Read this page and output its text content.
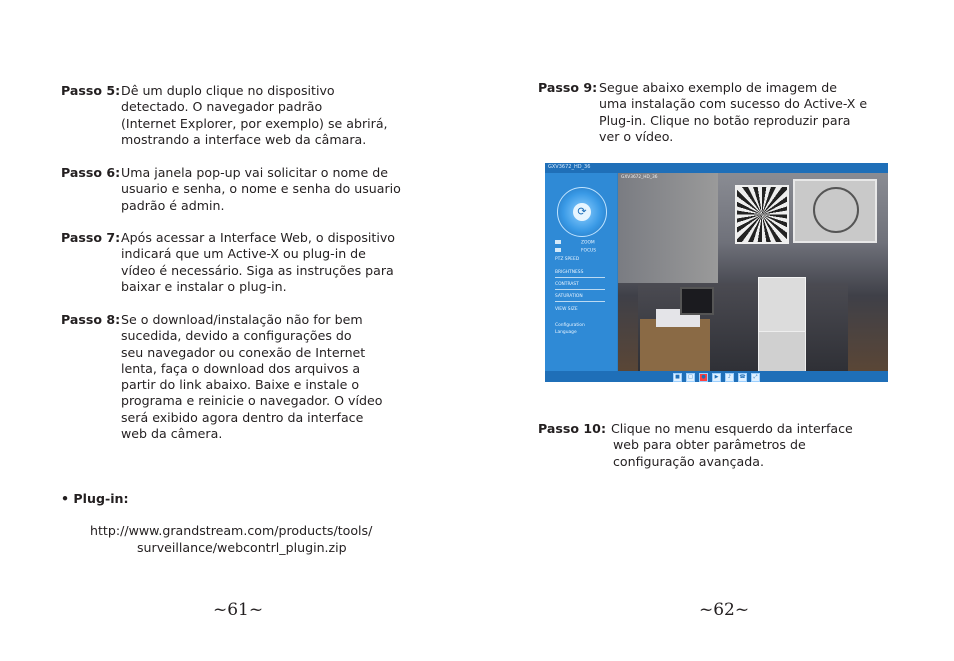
Passo 5: Dê um duplo clique no dispositivo
detectado. O navegador padrão
(Internet Explorer, por exemplo) se abrirá,
mostrando a interface web da câmara.
Passo 6: Uma janela pop-up vai solicitar o nome de
usuario e senha, o nome e senha do usuario
padrão é admin.
Passo 7: Após acessar a Interface Web, o dispositivo
indicará que um Active-X ou plug-in de
vídeo é necessário. Siga as instruções para
baixar e instalar o plug-in.
Passo 8: Se o download/instalação não for bem
sucedida, devido a configurações do
seu navegador ou conexão de Internet
lenta, faça o download dos arquivos a
partir do link abaixo. Baixe e instale o
programa e reinicie o navegador. O vídeo
será exibido agora dentro da interface
web da câmera.
• Plug-in:
http://www.grandstream.com/products/tools/
surveillance/webcontrl_plugin.zip
~61~
Passo 9: Segue abaixo exemplo de imagem de
uma instalação com sucesso do Active-X e
Plug-in. Clique no botão reproduzir para
ver o vídeo.
GXV3672_HD_36
⟳
ZOOM
FOCUS
PTZ SPEED
BRIGHTNESS
CONTRAST
SATURATION
VIEW SIZE
Configuration
Language
GXV3672_HD_36
■	□	●	▶	♪	☎	⤢
Passo 10: Clique no menu esquerdo da interface
web para obter parâmetros de
configuração avançada.
~62~
